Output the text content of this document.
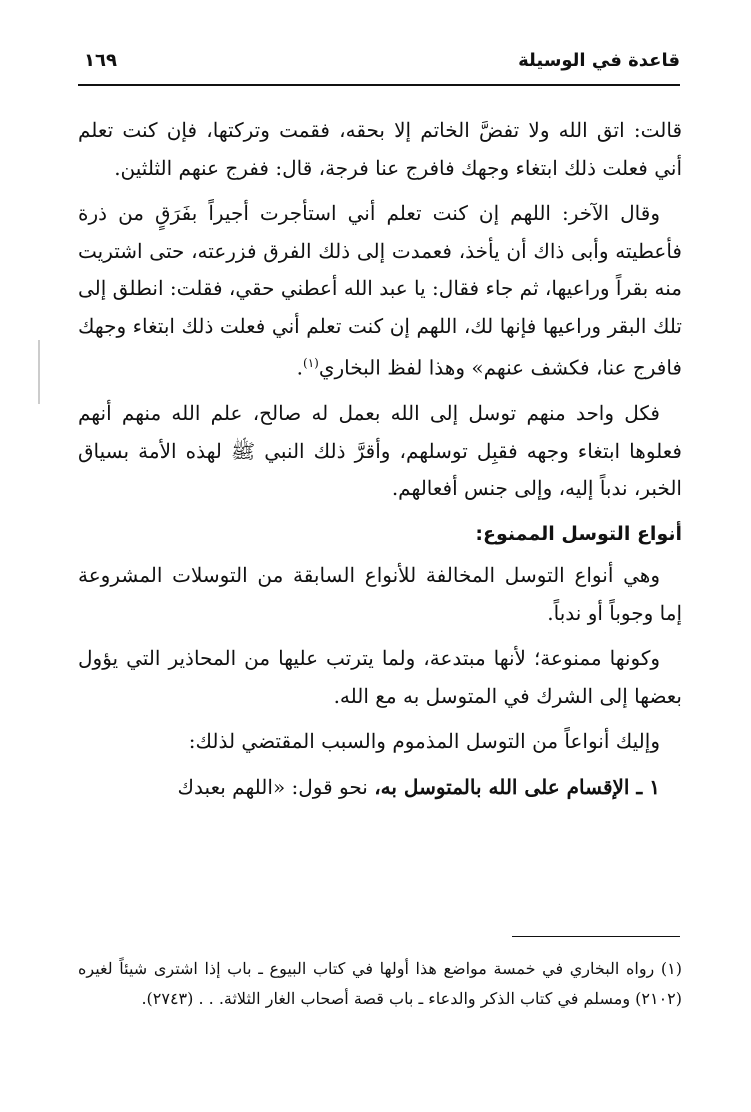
قاعدة في الوسيلة
١٦٩

قالت: اتق الله ولا تفضَّ الخاتم إلا بحقه، فقمت وتركتها، فإن كنت تعلم أني فعلت ذلك ابتغاء وجهك فافرج عنا فرجة، قال: ففرج عنهم الثلثين.

وقال الآخر: اللهم إن كنت تعلم أني استأجرت أجيراً بفَرَقٍ من ذرة فأعطيته وأبى ذاك أن يأخذ، فعمدت إلى ذلك الفرق فزرعته، حتى اشتريت منه بقراً وراعيها، ثم جاء فقال: يا عبد الله أعطني حقي، فقلت: انطلق إلى تلك البقر وراعيها فإنها لك، اللهم إن كنت تعلم أني فعلت ذلك ابتغاء وجهك فافرج عنا، فكشف عنهم» وهذا لفظ البخاري$^{(١)}$.

فكل واحد منهم توسل إلى الله بعمل له صالح، علم الله منهم أنهم فعلوها ابتغاء وجهه فقبِل توسلهم، وأقرَّ ذلك النبي ﷺ لهذه الأمة بسياق الخبر، ندباً إليه، وإلى جنس أفعالهم.

أنواع التوسل الممنوع:

وهي أنواع التوسل المخالفة للأنواع السابقة من التوسلات المشروعة إما وجوباً أو ندباً.

وكونها ممنوعة؛ لأنها مبتدعة، ولما يترتب عليها من المحاذير التي يؤول بعضها إلى الشرك في المتوسل به مع الله.

وإليك أنواعاً من التوسل المذموم والسبب المقتضي لذلك:

١ ـ الإقسام على الله بالمتوسل به، نحو قول: «اللهم بعبدك

(١) رواه البخاري في خمسة مواضع هذا أولها في كتاب البيوع ـ باب إذا اشترى شيئاً لغيره (٢١٠٢) ومسلم في كتاب الذكر والدعاء ـ باب قصة أصحاب الغار الثلاثة. . . (٢٧٤٣).
